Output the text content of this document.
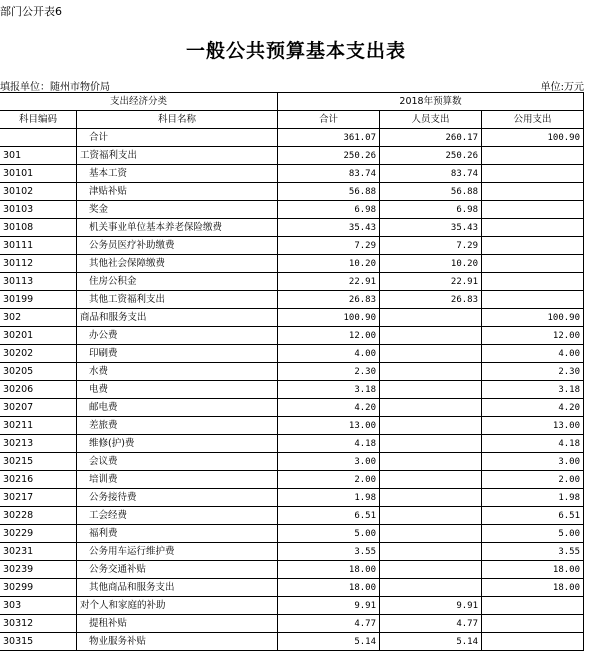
部门公开表6
一般公共预算基本支出表
填报单位：随州市物价局	单位:万元
支出经济分类		2018年预算数		
科目编码	科目名称	合计	人员支出	公用支出
	合计	361.07	260.17	100.90
301	工资福利支出	250.26	250.26	
30101	基本工资	83.74	83.74	
30102	津贴补贴	56.88	56.88	
30103	奖金	6.98	6.98	
30108	机关事业单位基本养老保险缴费	35.43	35.43	
30111	公务员医疗补助缴费	7.29	7.29	
30112	其他社会保障缴费	10.20	10.20	
30113	住房公积金	22.91	22.91	
30199	其他工资福利支出	26.83	26.83	
302	商品和服务支出	100.90		100.90
30201	办公费	12.00		12.00
30202	印刷费	4.00		4.00
30205	水费	2.30		2.30
30206	电费	3.18		3.18
30207	邮电费	4.20		4.20
30211	差旅费	13.00		13.00
30213	维修(护)费	4.18		4.18
30215	会议费	3.00		3.00
30216	培训费	2.00		2.00
30217	公务接待费	1.98		1.98
30228	工会经费	6.51		6.51
30229	福利费	5.00		5.00
30231	公务用车运行维护费	3.55		3.55
30239	公务交通补贴	18.00		18.00
30299	其他商品和服务支出	18.00		18.00
303	对个人和家庭的补助	9.91	9.91	
30312	提租补贴	4.77	4.77	
30315	物业服务补贴	5.14	5.14	
